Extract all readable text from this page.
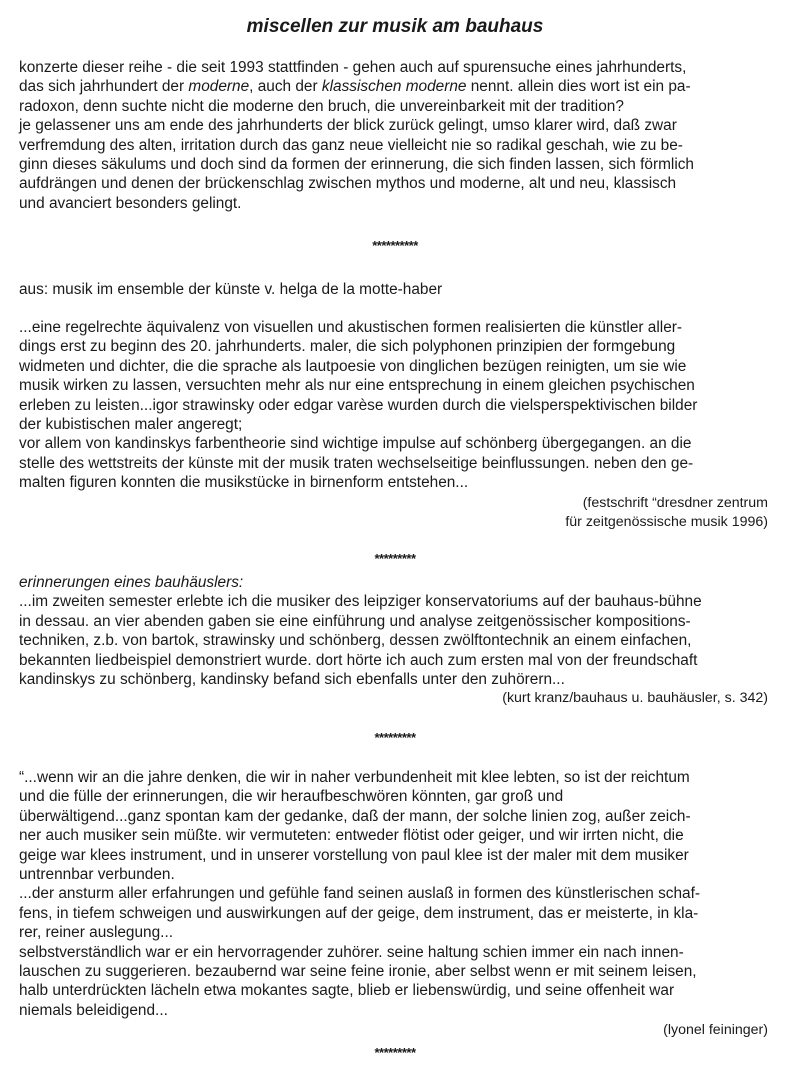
miscellen zur musik am bauhaus
konzerte dieser reihe - die seit 1993 stattfinden - gehen auch auf spurensuche eines jahrhunderts,
das sich jahrhundert der moderne, auch der klassischen moderne nennt. allein dies wort ist ein pa-
radoxon, denn suchte nicht die moderne den bruch, die unvereinbarkeit mit der tradition?
je gelassener uns am ende des jahrhunderts der blick zurück gelingt, umso klarer wird, daß zwar
verfremdung des alten, irritation durch das ganz neue vielleicht nie so radikal geschah, wie zu be-
ginn dieses säkulums und doch sind da formen der erinnerung, die sich finden lassen, sich förmlich
aufdrängen und denen der brückenschlag zwischen mythos und moderne, alt und neu, klassisch
und avanciert besonders gelingt.
**********
aus: musik im ensemble der künste v. helga de la motte-haber
...eine regelrechte äquivalenz von visuellen und akustischen formen realisierten die künstler aller-
dings erst zu beginn des 20. jahrhunderts. maler, die sich polyphonen prinzipien der formgebung
widmeten und dichter, die die sprache als lautpoesie von dinglichen bezügen reinigten, um sie wie
musik wirken zu lassen, versuchten mehr als nur eine entsprechung in einem gleichen psychischen
erleben zu leisten...igor strawinsky oder edgar varèse wurden durch die vielsperspektivischen bilder
der kubistischen maler angeregt;
vor allem von kandinskys farbentheorie sind wichtige impulse auf schönberg übergegangen. an die
stelle des wettstreits der künste mit der musik traten wechselseitige beinflussungen. neben den ge-
malten figuren konnten die musikstücke in birnenform entstehen...
(festschrift “dresdner zentrum
für zeitgenössische musik 1996)
*********
erinnerungen eines bauhäuslers:
...im zweiten semester erlebte ich die musiker des leipziger konservatoriums auf der bauhaus-bühne
in dessau. an vier abenden gaben sie eine einführung und analyse zeitgenössischer kompositions-
techniken, z.b. von bartok, strawinsky und schönberg, dessen zwölftontechnik an einem einfachen,
bekannten liedbeispiel demonstriert wurde. dort hörte ich auch zum ersten mal von der freundschaft
kandinskys zu schönberg, kandinsky befand sich ebenfalls unter den zuhörern...
(kurt kranz/bauhaus u. bauhäusler, s. 342)
*********
“...wenn wir an die jahre denken, die wir in naher verbundenheit mit klee lebten, so ist der reichtum
und die fülle der erinnerungen, die wir heraufbeschwören könnten, gar groß und
überwältigend...ganz spontan kam der gedanke, daß der mann, der solche linien zog, außer zeich-
ner auch musiker sein müßte. wir vermuteten: entweder flötist oder geiger, und wir irrten nicht, die
geige war klees instrument, und in unserer vorstellung von paul klee ist der maler mit dem musiker
untrennbar verbunden.
...der ansturm aller erfahrungen und gefühle fand seinen auslaß in formen des künstlerischen schaf-
fens, in tiefem schweigen und auswirkungen auf der geige, dem instrument, das er meisterte, in kla-
rer, reiner auslegung...
selbstverständlich war er ein hervorragender zuhörer. seine haltung schien immer ein nach innen-
lauschen zu suggerieren. bezaubernd war seine feine ironie, aber selbst wenn er mit seinem leisen,
halb unterdrückten lächeln etwa mokantes sagte, blieb er liebenswürdig, und seine offenheit war
niemals beleidigend...
(lyonel feininger)
*********
